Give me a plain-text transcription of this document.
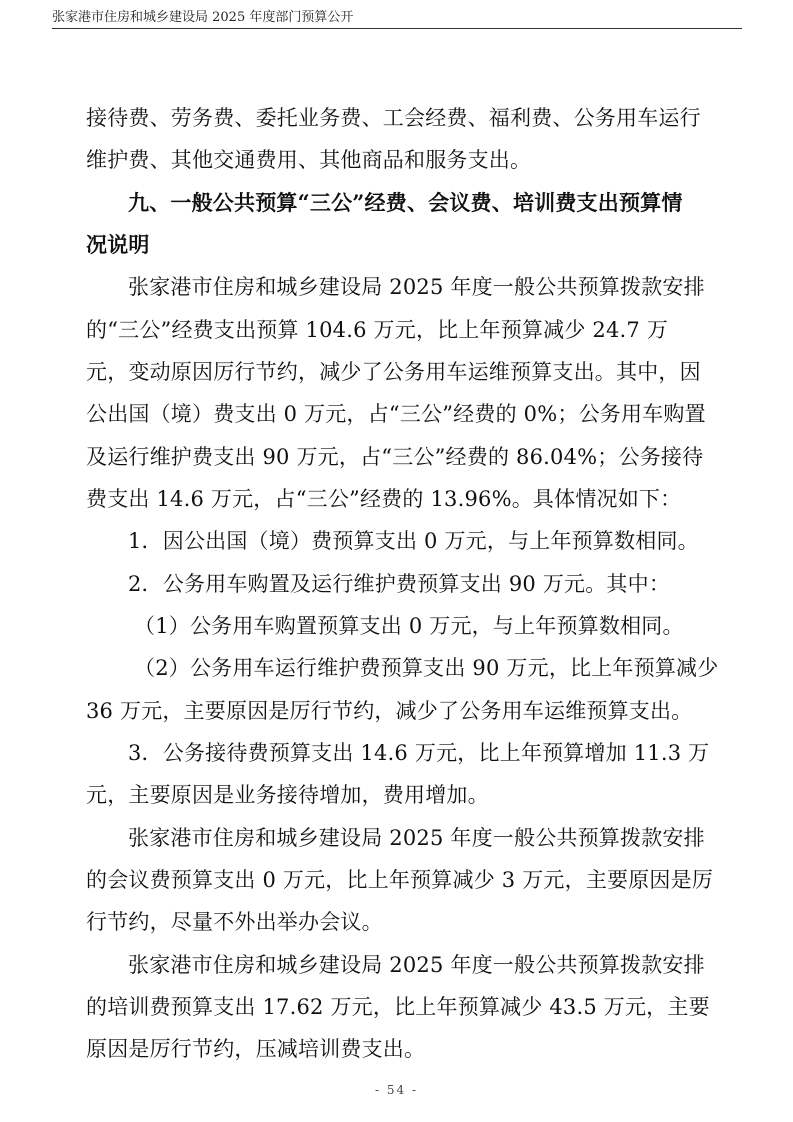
张家港市住房和城乡建设局 2025 年度部门预算公开
接待费、劳务费、委托业务费、工会经费、福利费、公务用车运行
维护费、其他交通费用、其他商品和服务支出。
九、一般公共预算“三公”经费、会议费、培训费支出预算情
况说明
张家港市住房和城乡建设局 2025 年度一般公共预算拨款安排
的“三公”经费支出预算 104.6 万元，比上年预算减少 24.7 万
元，变动原因厉行节约，减少了公务用车运维预算支出。其中，因
公出国（境）费支出 0 万元，占“三公”经费的 0%；公务用车购置
及运行维护费支出 90 万元，占“三公”经费的 86.04%；公务接待
费支出 14.6 万元，占“三公”经费的 13.96%。具体情况如下：
1．因公出国（境）费预算支出 0 万元，与上年预算数相同。
2．公务用车购置及运行维护费预算支出 90 万元。其中：
（1）公务用车购置预算支出 0 万元，与上年预算数相同。
（2）公务用车运行维护费预算支出 90 万元，比上年预算减少
36 万元，主要原因是厉行节约，减少了公务用车运维预算支出。
3．公务接待费预算支出 14.6 万元，比上年预算增加 11.3 万
元，主要原因是业务接待增加，费用增加。
张家港市住房和城乡建设局 2025 年度一般公共预算拨款安排
的会议费预算支出 0 万元，比上年预算减少 3 万元，主要原因是厉
行节约，尽量不外出举办会议。
张家港市住房和城乡建设局 2025 年度一般公共预算拨款安排
的培训费预算支出 17.62 万元，比上年预算减少 43.5 万元，主要
原因是厉行节约，压减培训费支出。
- 54 -
